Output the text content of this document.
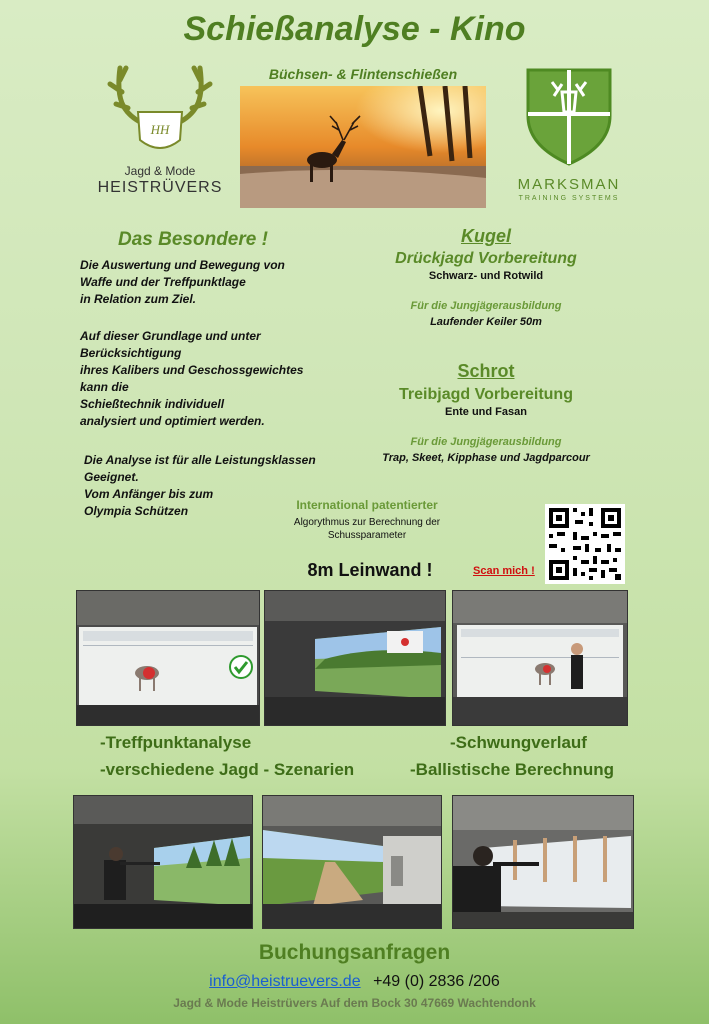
Schießanalyse - Kino
Büchsen- & Flintenschießen
HH
Jagd & Mode
HEISTRÜVERS	MARKSMAN
TRAINING SYSTEMS
Das Besondere !
Die Auswertung und Bewegung von
Waffe und der Treffpunktlage
in Relation zum Ziel.
Auf dieser Grundlage und unter
Berücksichtigung
ihres Kalibers und Geschossgewichtes
kann die
Schießtechnik individuell
analysiert und optimiert werden.
Die Analyse ist für alle Leistungsklassen
Geeignet.
Vom Anfänger bis zum
Olympia Schützen
Kugel
Drückjagd Vorbereitung
Schwarz- und Rotwild
Für die Jungjägerausbildung
Laufender Keiler 50m
Schrot
Treibjagd Vorbereitung
Ente und Fasan
Für die Jungjägerausbildung
Trap, Skeet, Kipphase und Jagdparcour
International patentierter
Algorythmus zur Berechnung der
Schussparameter
8m Leinwand !	Scan mich !
-Treffpunktanalyse
-verschiedene Jagd - Szenarien
-Schwungverlauf
-Ballistische Berechnung
Buchungsanfragen
info@heistruevers.de +49 (0) 2836 /206
Jagd & Mode Heistrüvers Auf dem Bock 30 47669 Wachtendonk
